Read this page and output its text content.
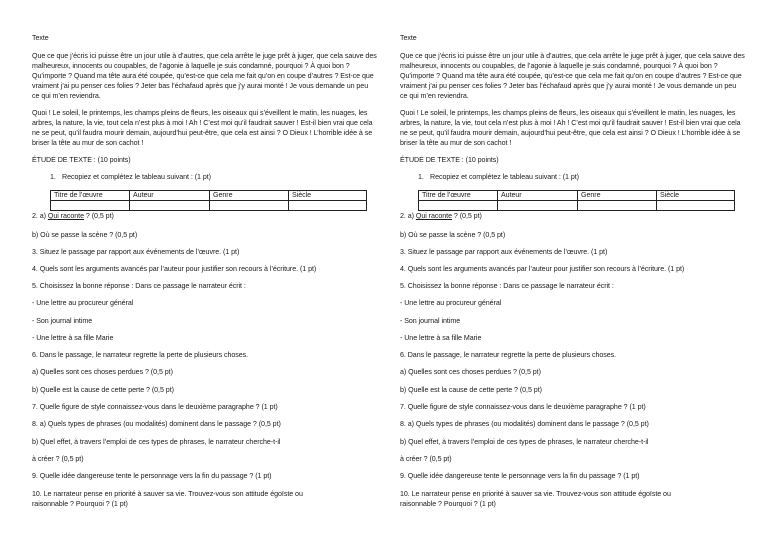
Texte
Que ce que j’écris ici puisse être un jour utile à d’autres, que cela arrête le juge prêt à juger, que cela sauve des malheureux, innocents ou coupables, de l’agonie à laquelle je suis condamné, pourquoi ? À quoi bon ? Qu’importe ? Quand ma tête aura été coupée, qu’est-ce que cela me fait qu’on en coupe d’autres ? Est-ce que vraiment j’ai pu penser ces folies ? Jeter bas l’échafaud après que j’y aurai monté ! Je vous demande un peu ce qui m’en reviendra.
Quoi ! Le soleil, le printemps, les champs pleins de fleurs, les oiseaux qui s’éveillent le matin, les nuages, les arbres, la nature, la vie, tout cela n’est plus à moi ! Ah ! C’est moi qu’il faudrait sauver ! Est-il bien vrai que cela ne se peut, qu’il faudra mourir demain, aujourd’hui peut-être, que cela est ainsi ? O Dieux ! L’horrible idée à se briser la tête au mur de son cachot !
ÉTUDE DE TEXTE : (10 points)
1. Recopiez et complétez le tableau suivant : (1 pt)
Titre de l’œuvre	Auteur	Genre	Siècle

2. a) Qui raconte ? (0,5 pt)
b) Où se passe la scène ? (0,5 pt)
3. Situez le passage par rapport aux événements de l’œuvre. (1 pt)
4. Quels sont les arguments avancés par l’auteur pour justifier son recours à l’écriture. (1 pt)
5. Choisissez la bonne réponse : Dans ce passage le narrateur écrit :
- Une lettre au procureur général
- Son journal intime
- Une lettre à sa fille Marie
6. Dans le passage, le narrateur regrette la perte de plusieurs choses.
a) Quelles sont ces choses perdues ? (0,5 pt)
b) Quelle est la cause de cette perte ? (0,5 pt)
7. Quelle figure de style connaissez-vous dans le deuxième paragraphe ? (1 pt)
8. a) Quels types de phrases (ou modalités) dominent dans le passage ? (0,5 pt)
b) Quel effet, à travers l’emploi de ces types de phrases, le narrateur cherche-t-il
à créer ? (0,5 pt)
9. Quelle idée dangereuse tente le personnage vers la fin du passage ? (1 pt)
10. Le narrateur pense en priorité à sauver sa vie. Trouvez-vous son attitude égoïste ou
raisonnable ? Pourquoi ? (1 pt)
Texte
Que ce que j’écris ici puisse être un jour utile à d’autres, que cela arrête le juge prêt à juger, que cela sauve des malheureux, innocents ou coupables, de l’agonie à laquelle je suis condamné, pourquoi ? À quoi bon ? Qu’importe ? Quand ma tête aura été coupée, qu’est-ce que cela me fait qu’on en coupe d’autres ? Est-ce que vraiment j’ai pu penser ces folies ? Jeter bas l’échafaud après que j’y aurai monté ! Je vous demande un peu ce qui m’en reviendra.
Quoi ! Le soleil, le printemps, les champs pleins de fleurs, les oiseaux qui s’éveillent le matin, les nuages, les arbres, la nature, la vie, tout cela n’est plus à moi ! Ah ! C’est moi qu’il faudrait sauver ! Est-il bien vrai que cela ne se peut, qu’il faudra mourir demain, aujourd’hui peut-être, que cela est ainsi ? O Dieux ! L’horrible idée à se briser la tête au mur de son cachot !
ÉTUDE DE TEXTE : (10 points)
1. Recopiez et complétez le tableau suivant : (1 pt)
Titre de l’œuvre	Auteur	Genre	Siècle

2. a) Qui raconte ? (0,5 pt)
b) Où se passe la scène ? (0,5 pt)
3. Situez le passage par rapport aux événements de l’œuvre. (1 pt)
4. Quels sont les arguments avancés par l’auteur pour justifier son recours à l’écriture. (1 pt)
5. Choisissez la bonne réponse : Dans ce passage le narrateur écrit :
- Une lettre au procureur général
- Son journal intime
- Une lettre à sa fille Marie
6. Dans le passage, le narrateur regrette la perte de plusieurs choses.
a) Quelles sont ces choses perdues ? (0,5 pt)
b) Quelle est la cause de cette perte ? (0,5 pt)
7. Quelle figure de style connaissez-vous dans le deuxième paragraphe ? (1 pt)
8. a) Quels types de phrases (ou modalités) dominent dans le passage ? (0,5 pt)
b) Quel effet, à travers l’emploi de ces types de phrases, le narrateur cherche-t-il
à créer ? (0,5 pt)
9. Quelle idée dangereuse tente le personnage vers la fin du passage ? (1 pt)
10. Le narrateur pense en priorité à sauver sa vie. Trouvez-vous son attitude égoïste ou
raisonnable ? Pourquoi ? (1 pt)
